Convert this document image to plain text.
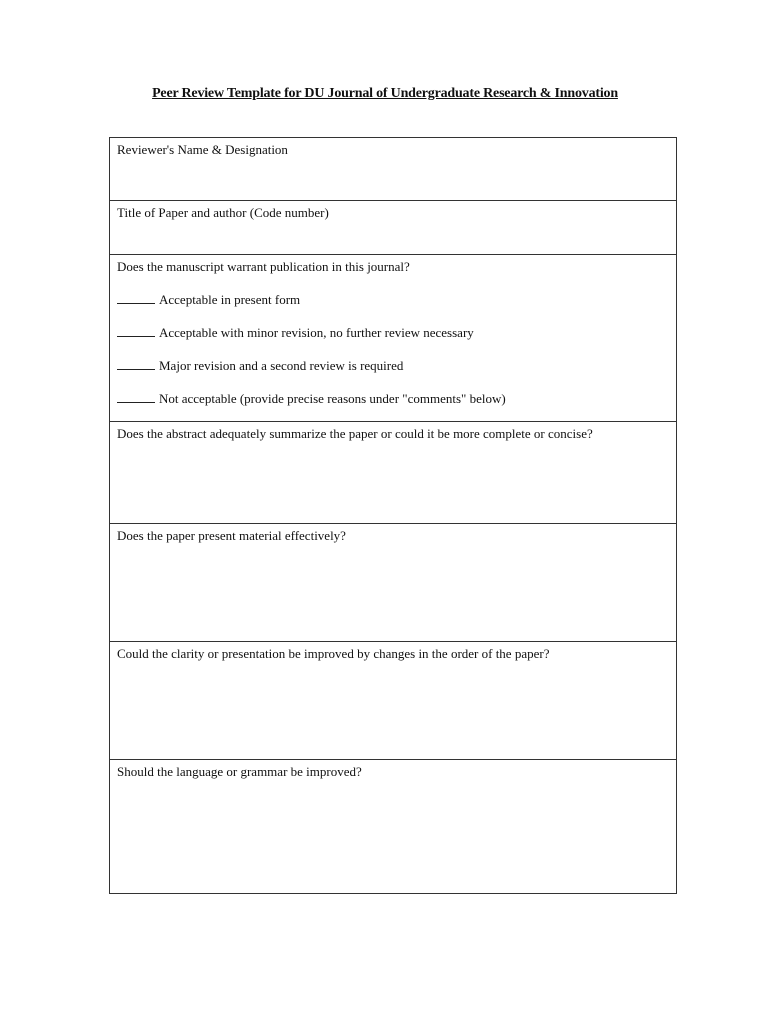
Peer Review Template for DU Journal of Undergraduate Research & Innovation
Reviewer's Name & Designation

Title of Paper and author (Code number)

Does the manuscript warrant publication in this journal?
Acceptable in present form
Acceptable with minor revision, no further review necessary
Major revision and a second review is required
Not acceptable (provide precise reasons under "comments" below)

Does the abstract adequately summarize the paper or could it be more complete or concise?

Does the paper present material effectively?

Could the clarity or presentation be improved by changes in the order of the paper?

Should the language or grammar be improved?
